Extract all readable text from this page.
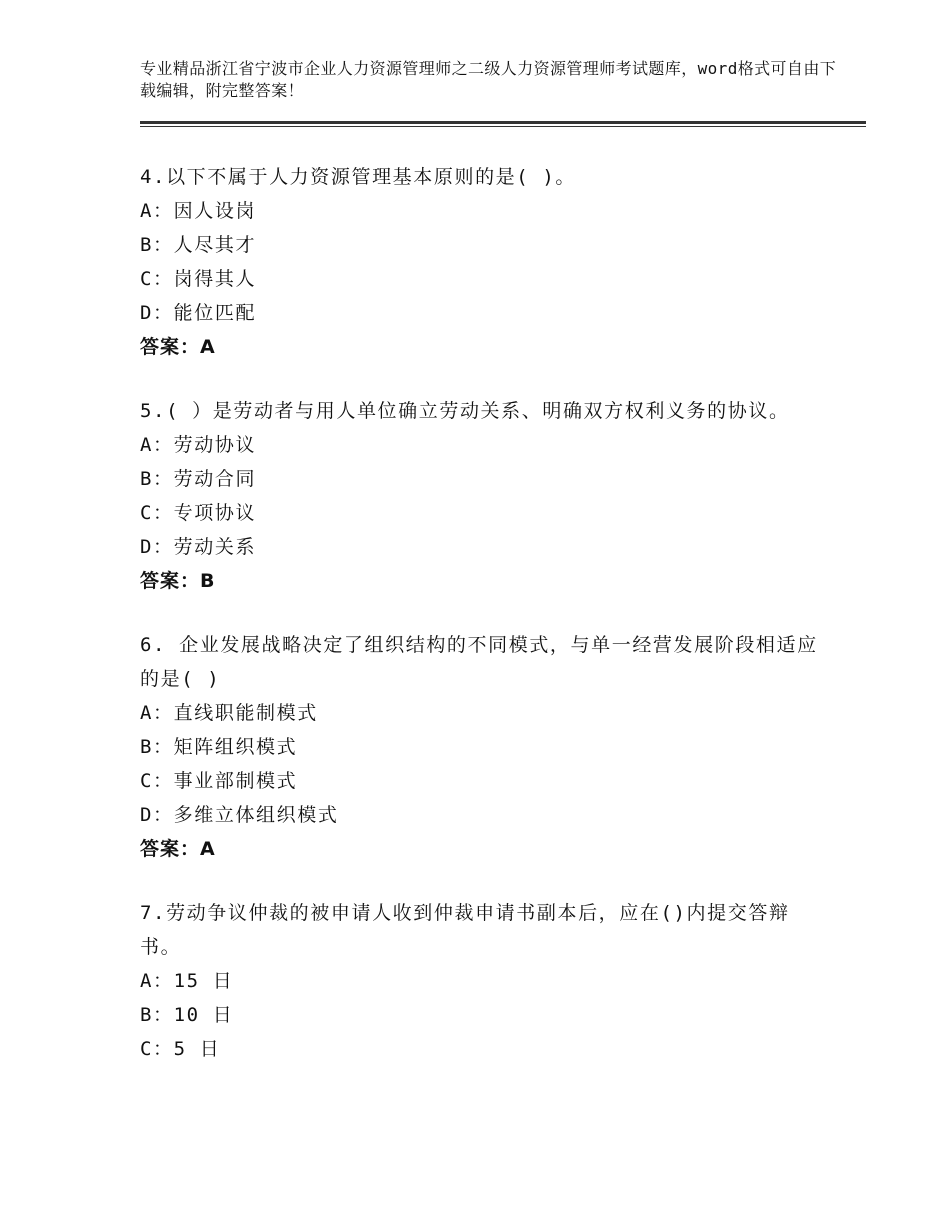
专业精品浙江省宁波市企业人力资源管理师之二级人力资源管理师考试题库，word格式可自由下载编辑，附完整答案！

4.以下不属于人力资源管理基本原则的是( )。

A：因人设岗

B：人尽其才

C：岗得其人

D：能位匹配

答案：A

5.( ）是劳动者与用人单位确立劳动关系、明确双方权利义务的协议。

A：劳动协议

B：劳动合同

C：专项协议

D：劳动关系

答案：B

6. 企业发展战略决定了组织结构的不同模式，与单一经营发展阶段相适应的是( )

A：直线职能制模式

B：矩阵组织模式

C：事业部制模式

D：多维立体组织模式

答案：A

7.劳动争议仲裁的被申请人收到仲裁申请书副本后，应在()内提交答辩书。

A：15 日

B：10 日

C：5 日
